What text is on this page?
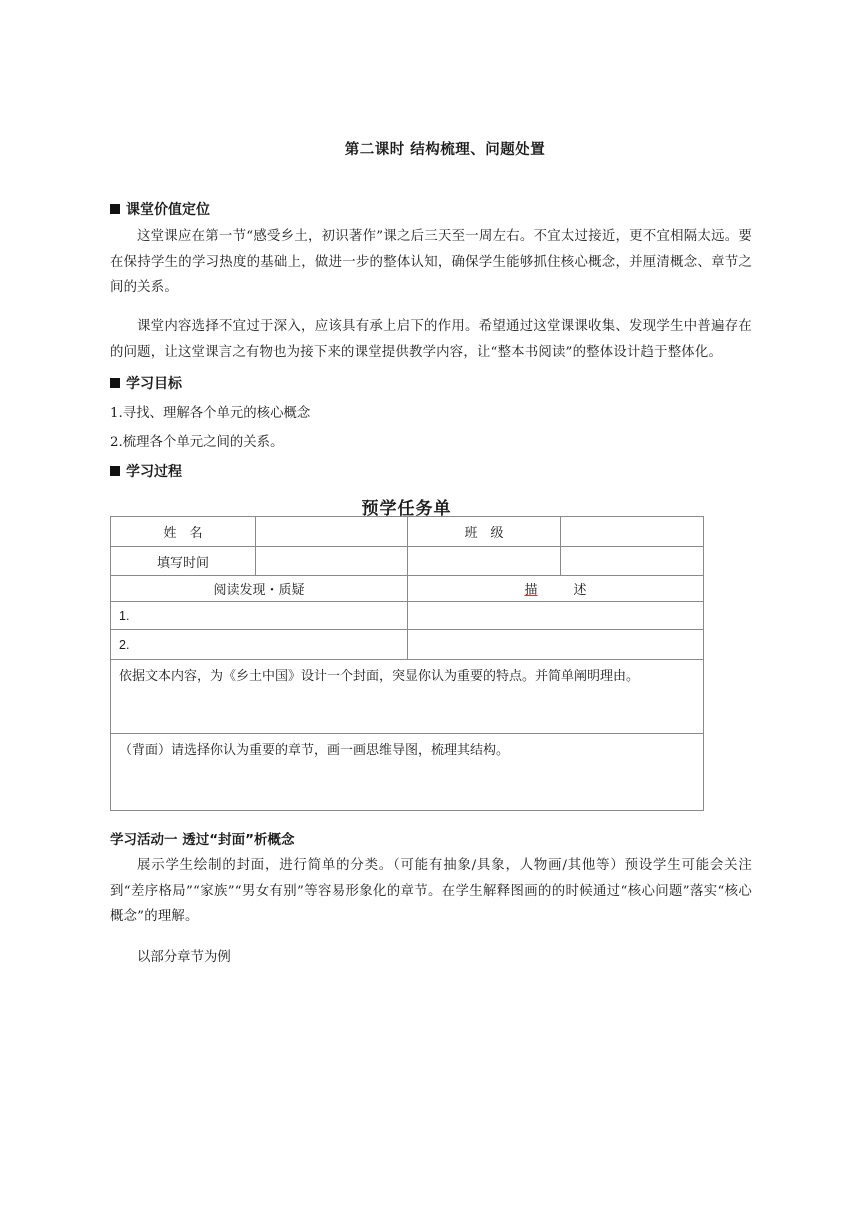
第二课时 结构梳理、问题处置
课堂价值定位
这堂课应在第一节“感受乡土，初识著作”课之后三天至一周左右。不宜太过接近，更不宜相隔太远。要在保持学生的学习热度的基础上，做进一步的整体认知，确保学生能够抓住核心概念，并厘清概念、章节之间的关系。
课堂内容选择不宜过于深入，应该具有承上启下的作用。希望通过这堂课课收集、发现学生中普遍存在的问题，让这堂课言之有物也为接下来的课堂提供教学内容，让“整本书阅读”的整体设计趋于整体化。
学习目标
1.寻找、理解各个单元的核心概念
2.梳理各个单元之间的关系。
学习过程
预学任务单
姓　名		班　级	
填写时间			
阅读发现・质疑		描 述	
1.			
2.			
依据文本内容，为《乡土中国》设计一个封面，突显你认为重要的特点。并简单阐明理由。			
（背面）请选择你认为重要的章节，画一画思维导图，梳理其结构。			
学习活动一 透过“封面”析概念
展示学生绘制的封面，进行简单的分类。（可能有抽象/具象，人物画/其他等）预设学生可能会关注到“差序格局”“家族”“男女有别”等容易形象化的章节。在学生解释图画的的时候通过“核心问题”落实“核心概念”的理解。
以部分章节为例
